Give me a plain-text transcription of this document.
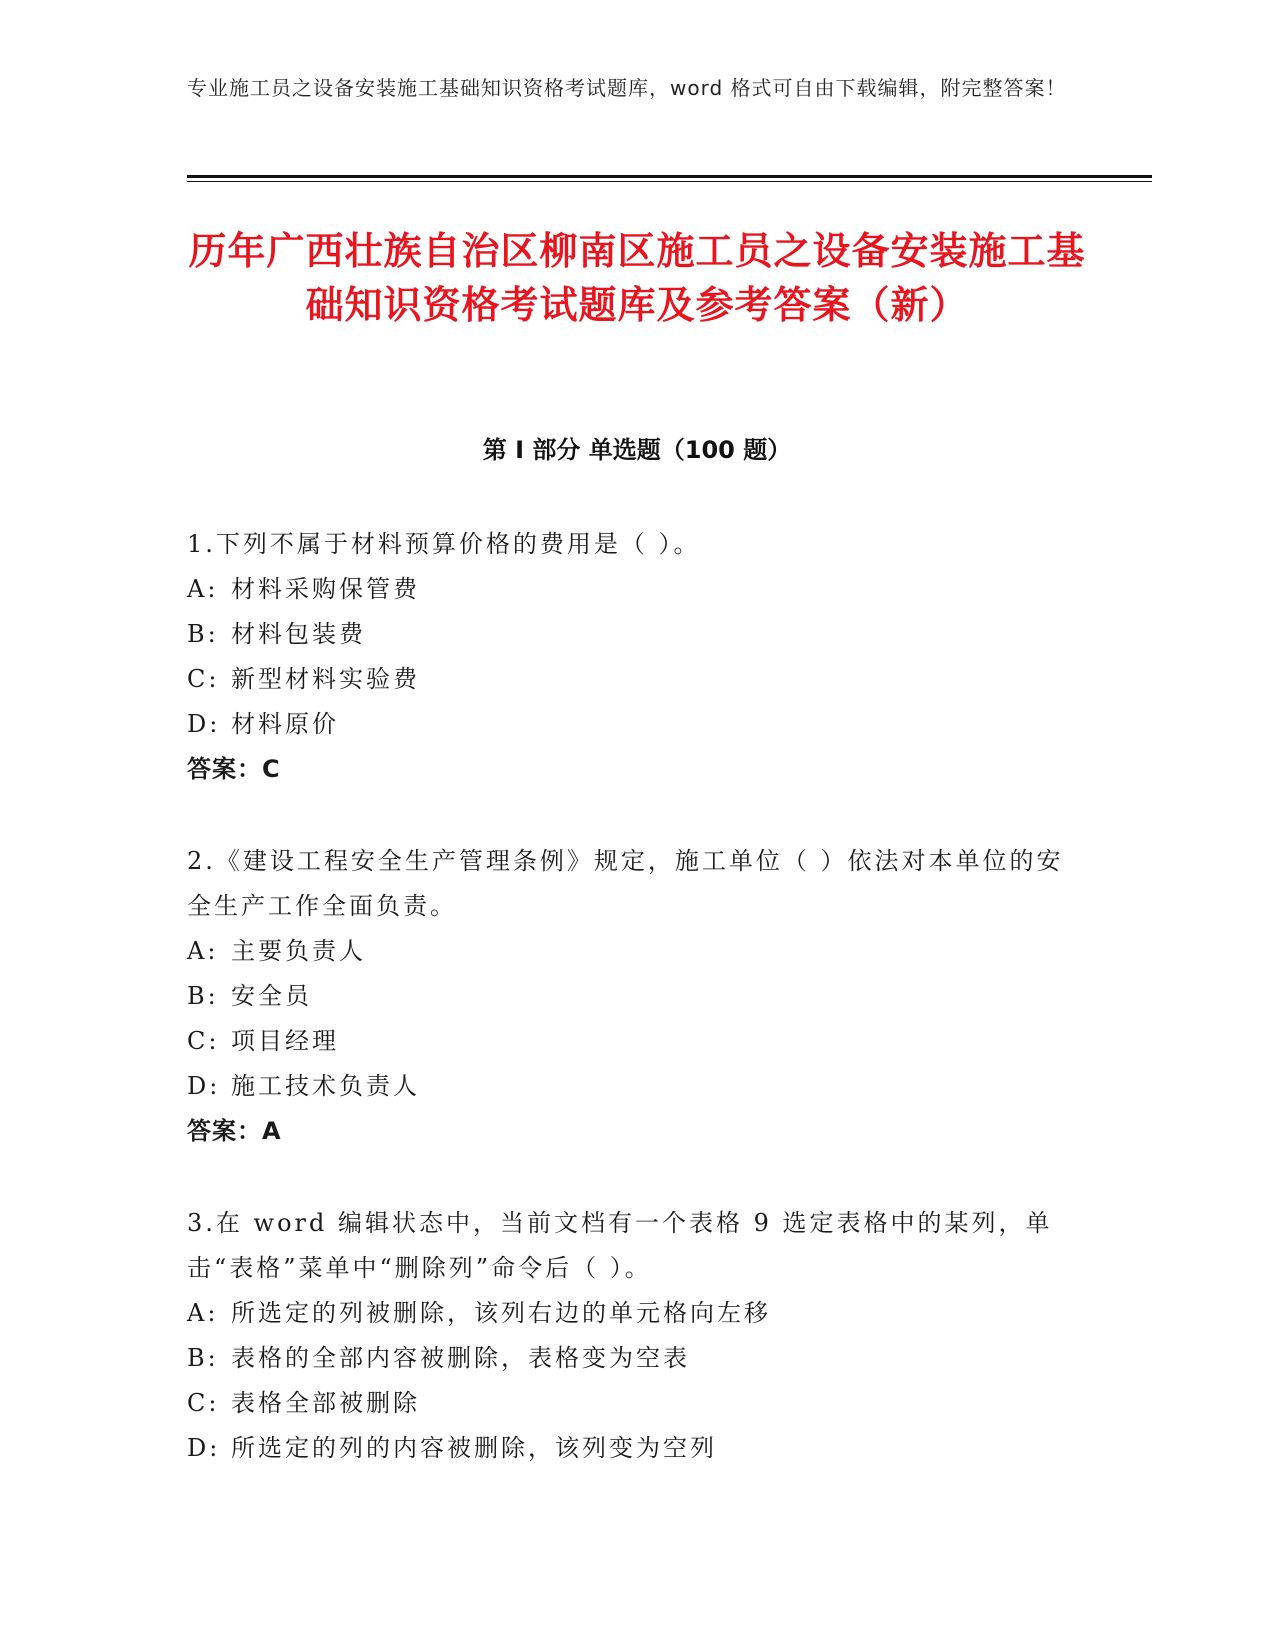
专业施工员之设备安装施工基础知识资格考试题库，word 格式可自由下载编辑，附完整答案！
历年广西壮族自治区柳南区施工员之设备安装施工基础知识资格考试题库及参考答案（新）
第 I 部分 单选题（100 题）

1.下列不属于材料预算价格的费用是（ ）。

A: 材料采购保管费
B: 材料包装费
C: 新型材料实验费
D: 材料原价
答案：C

2.《建设工程安全生产管理条例》规定，施工单位（ ）依法对本单位的安全生产工作全面负责。

A: 主要负责人
B: 安全员
C: 项目经理
D: 施工技术负责人
答案：A

3.在 word 编辑状态中，当前文档有一个表格 9 选定表格中的某列，单击“表格”菜单中“删除列”命令后（ ）。

A: 所选定的列被删除，该列右边的单元格向左移
B: 表格的全部内容被删除，表格变为空表
C: 表格全部被删除
D: 所选定的列的内容被删除，该列变为空列
